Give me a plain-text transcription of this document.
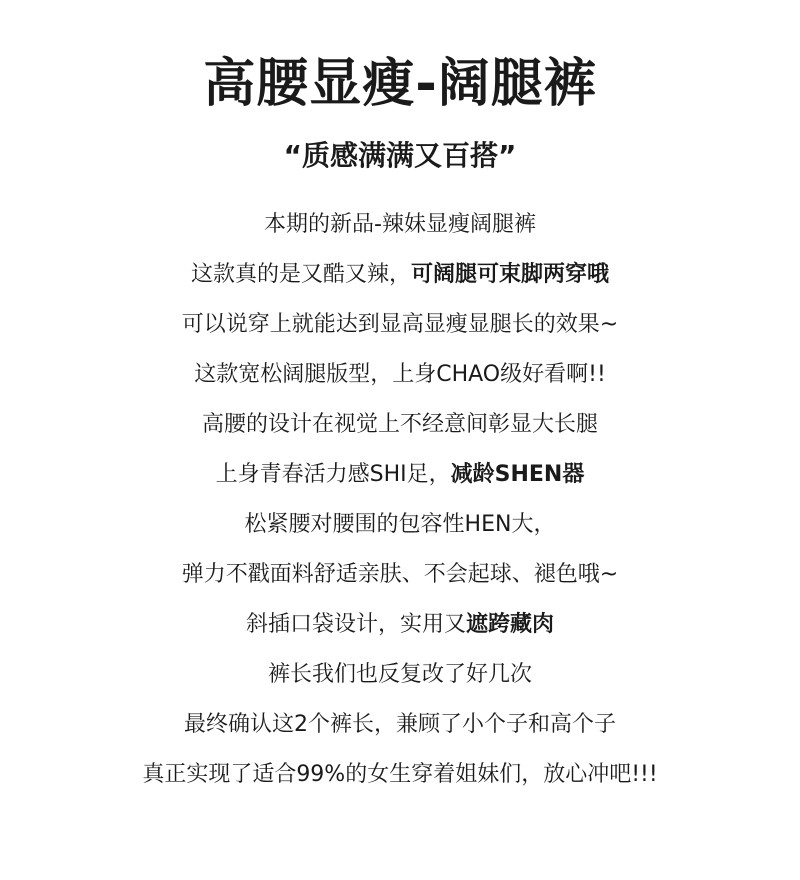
高腰显瘦-阔腿裤
“质感满满又百搭”
本期的新品-辣妹显瘦阔腿裤
这款真的是又酷又辣，可阔腿可束脚两穿哦
可以说穿上就能达到显高显瘦显腿长的效果~
这款宽松阔腿版型，上身CHAO级好看啊!!
高腰的设计在视觉上不经意间彰显大长腿
上身青春活力感SHI足，减龄SHEN器
松紧腰对腰围的包容性HEN大，
弹力不戳面料舒适亲肤、不会起球、褪色哦~
斜插口袋设计，实用又遮跨藏肉
裤长我们也反复改了好几次
最终确认这2个裤长，兼顾了小个子和高个子
真正实现了适合99%的女生穿着姐妹们，放心冲吧!!!
